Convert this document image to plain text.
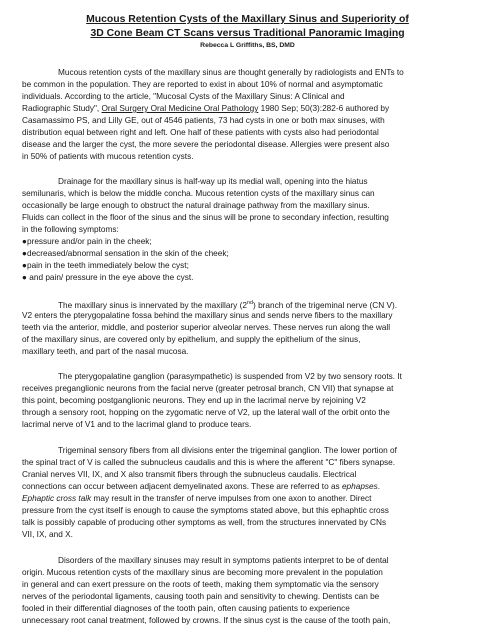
Mucous Retention Cysts of the Maxillary Sinus and Superiority of
3D Cone Beam CT Scans versus Traditional Panoramic Imaging
Rebecca L Griffiths, BS, DMD
Mucous retention cysts of the maxillary sinus are thought generally by radiologists and ENTs to
be common in the population. They are reported to exist in about 10% of normal and asymptomatic
individuals. According to the article, "Mucosal Cysts of the Maxillary Sinus: A Clinical and
Radiographic Study", Oral Surgery Oral Medicine Oral Pathology 1980 Sep; 50(3):282-6 authored by
Casamassimo PS, and Lilly GE, out of 4546 patients, 73 had cysts in one or both max sinuses, with
distribution equal between right and left. One half of these patients with cysts also had periodontal
disease and the larger the cyst, the more severe the periodontal disease. Allergies were present also
in 50% of patients with mucous retention cysts.
Drainage for the maxillary sinus is half-way up its medial wall, opening into the hiatus
semilunaris, which is below the middle concha. Mucous retention cysts of the maxillary sinus can
occasionally be large enough to obstruct the natural drainage pathway from the maxillary sinus.
Fluids can collect in the floor of the sinus and the sinus will be prone to secondary infection, resulting
in the following symptoms:
●pressure and/or pain in the cheek;
●decreased/abnormal sensation in the skin of the cheek;
●pain in the teeth immediately below the cyst;
● and pain/ pressure in the eye above the cyst.
The maxillary sinus is innervated by the maxillary (2nd) branch of the trigeminal nerve (CN V).
V2 enters the pterygopalatine fossa behind the maxillary sinus and sends nerve fibers to the maxillary
teeth via the anterior, middle, and posterior superior alveolar nerves. These nerves run along the wall
of the maxillary sinus, are covered only by epithelium, and supply the epithelium of the sinus,
maxillary teeth, and part of the nasal mucosa.
The pterygopalatine ganglion (parasympathetic) is suspended from V2 by two sensory roots. It
receives preganglionic neurons from the facial nerve (greater petrosal branch, CN VII) that synapse at
this point, becoming postganglionic neurons. They end up in the lacrimal nerve by rejoining V2
through a sensory root, hopping on the zygomatic nerve of V2, up the lateral wall of the orbit onto the
lacrimal nerve of V1 and to the lacrimal gland to produce tears.
Trigeminal sensory fibers from all divisions enter the trigeminal ganglion. The lower portion of
the spinal tract of V is called the subnucleus caudalis and this is where the afferent "C" fibers synapse.
Cranial nerves VII, IX, and X also transmit fibers through the subnucleus caudalis. Electrical
connections can occur between adjacent demyelinated axons. These are referred to as ephapses.
Ephaptic cross talk may result in the transfer of nerve impulses from one axon to another. Direct
pressure from the cyst itself is enough to cause the symptoms stated above, but this ephaphtic cross
talk is possibly capable of producing other symptoms as well, from the structures innervated by CNs
VII, IX, and X.
Disorders of the maxillary sinuses may result in symptoms patients interpret to be of dental
origin. Mucous retention cysts of the maxillary sinus are becoming more prevalent in the population
in general and can exert pressure on the roots of teeth, making them symptomatic via the sensory
nerves of the periodontal ligaments, causing tooth pain and sensitivity to chewing. Dentists can be
fooled in their differential diagnoses of the tooth pain, often causing patients to experience
unnecessary root canal treatment, followed by crowns. If the sinus cyst is the cause of the tooth pain,
